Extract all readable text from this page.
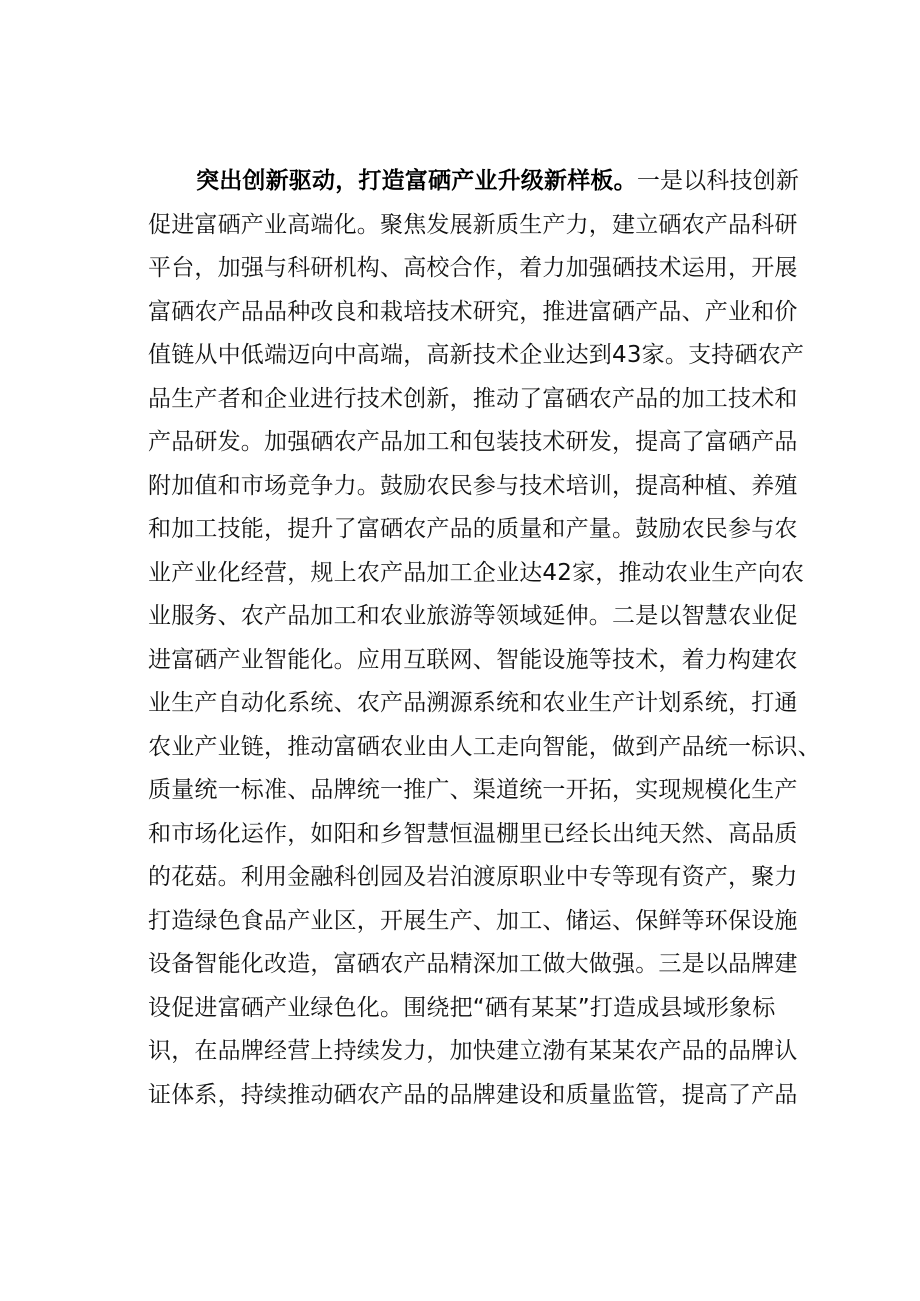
突出创新驱动，打造富硒产业升级新样板。一是以科技创新
促进富硒产业高端化。聚焦发展新质生产力，建立硒农产品科研
平台，加强与科研机构、高校合作，着力加强硒技术运用，开展
富硒农产品品种改良和栽培技术研究，推进富硒产品、产业和价
值链从中低端迈向中高端，高新技术企业达到43家。支持硒农产
品生产者和企业进行技术创新，推动了富硒农产品的加工技术和
产品研发。加强硒农产品加工和包装技术研发，提高了富硒产品
附加值和市场竞争力。鼓励农民参与技术培训，提高种植、养殖
和加工技能，提升了富硒农产品的质量和产量。鼓励农民参与农
业产业化经营，规上农产品加工企业达42家，推动农业生产向农
业服务、农产品加工和农业旅游等领域延伸。二是以智慧农业促
进富硒产业智能化。应用互联网、智能设施等技术，着力构建农
业生产自动化系统、农产品溯源系统和农业生产计划系统，打通
农业产业链，推动富硒农业由人工走向智能，做到产品统一标识、
质量统一标准、品牌统一推广、渠道统一开拓，实现规模化生产
和市场化运作，如阳和乡智慧恒温棚里已经长出纯天然、高品质
的花菇。利用金融科创园及岩泊渡原职业中专等现有资产，聚力
打造绿色食品产业区，开展生产、加工、储运、保鲜等环保设施
设备智能化改造，富硒农产品精深加工做大做强。三是以品牌建
设促进富硒产业绿色化。围绕把“硒有某某”打造成县域形象标
识，在品牌经营上持续发力，加快建立渤有某某农产品的品牌认
证体系，持续推动硒农产品的品牌建设和质量监管，提高了产品
